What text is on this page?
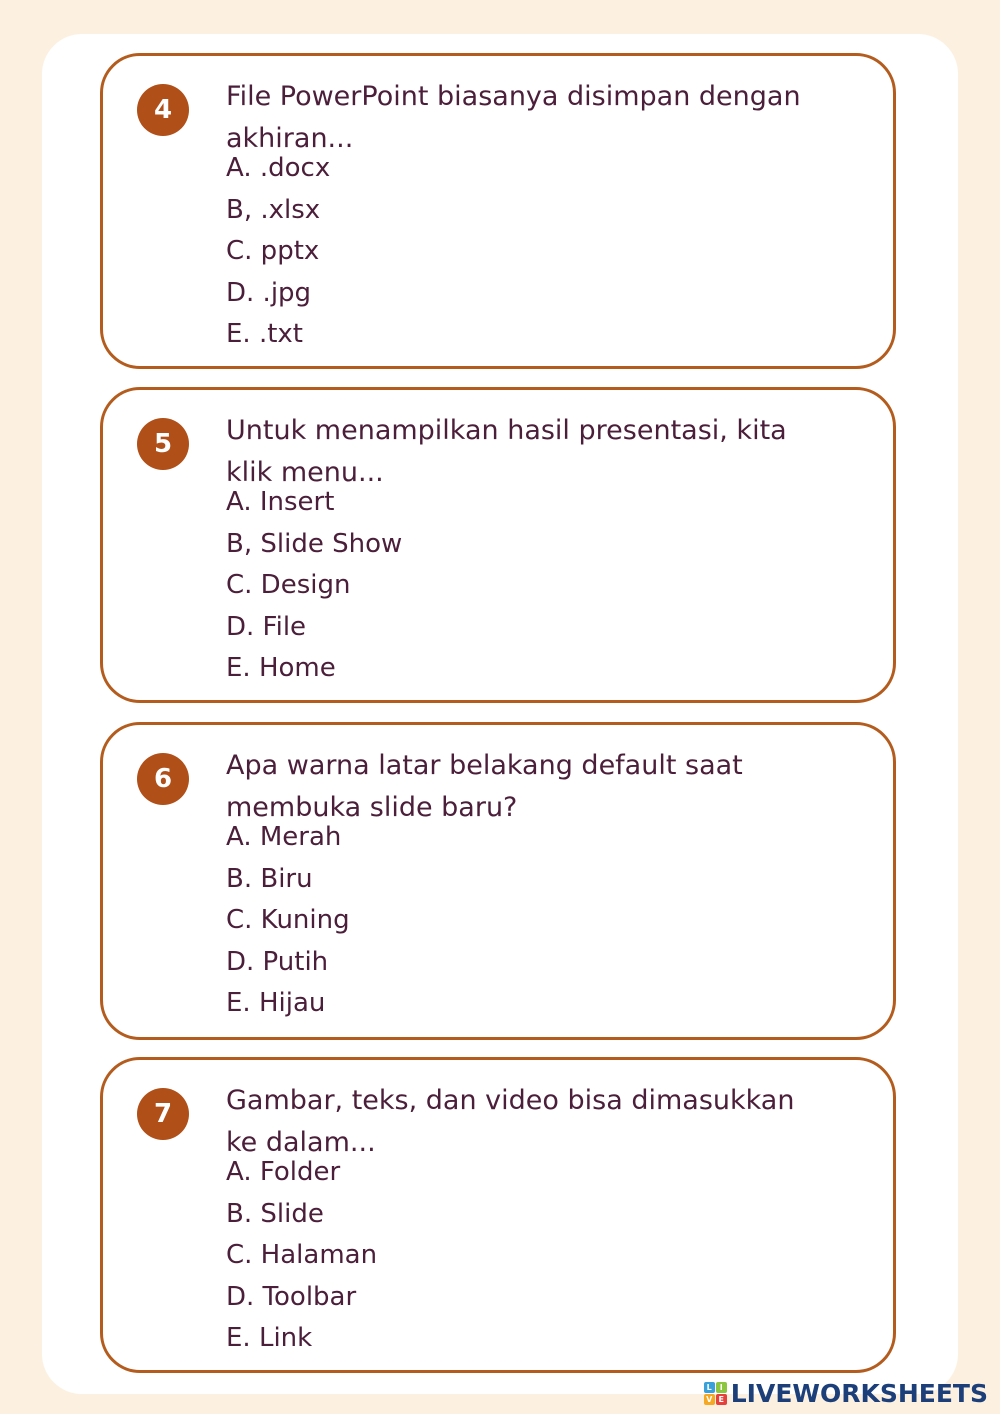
4	File PowerPoint biasanya disimpan dengan akhiran...

A. .docx
B, .xlsx
C. pptx
D. .jpg
E. .txt
5	Untuk menampilkan hasil presentasi, kita klik menu...

A. Insert
B, Slide Show
C. Design
D. File
E. Home
6	Apa warna latar belakang default saat membuka slide baru?

A. Merah
B. Biru
C. Kuning
D. Putih
E. Hijau
7	Gambar, teks, dan video bisa dimasukkan ke dalam...

A. Folder
B. Slide
C. Halaman
D. Toolbar
E. Link
L I
V E LIVEWORKSHEETS
